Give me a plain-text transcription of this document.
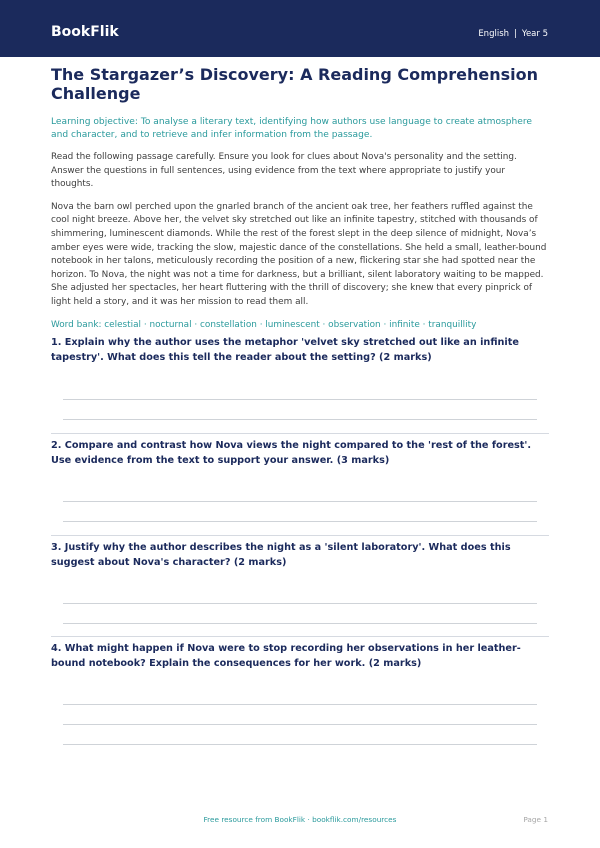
BookFlik	English | Year 5
The Stargazer’s Discovery: A Reading Comprehension Challenge
Learning objective: To analyse a literary text, identifying how authors use language to create atmosphere and character, and to retrieve and infer information from the passage.
Read the following passage carefully. Ensure you look for clues about Nova's personality and the setting. Answer the questions in full sentences, using evidence from the text where appropriate to justify your thoughts.
Nova the barn owl perched upon the gnarled branch of the ancient oak tree, her feathers ruffled against the cool night breeze. Above her, the velvet sky stretched out like an infinite tapestry, stitched with thousands of shimmering, luminescent diamonds. While the rest of the forest slept in the deep silence of midnight, Nova’s amber eyes were wide, tracking the slow, majestic dance of the constellations. She held a small, leather-bound notebook in her talons, meticulously recording the position of a new, flickering star she had spotted near the horizon. To Nova, the night was not a time for darkness, but a brilliant, silent laboratory waiting to be mapped. She adjusted her spectacles, her heart fluttering with the thrill of discovery; she knew that every pinprick of light held a story, and it was her mission to read them all.
Word bank: celestial · nocturnal · constellation · luminescent · observation · infinite · tranquillity
1. Explain why the author uses the metaphor 'velvet sky stretched out like an infinite tapestry'. What does this tell the reader about the setting? (2 marks)
2. Compare and contrast how Nova views the night compared to the 'rest of the forest'. Use evidence from the text to support your answer. (3 marks)
3. Justify why the author describes the night as a 'silent laboratory'. What does this suggest about Nova's character? (2 marks)
4. What might happen if Nova were to stop recording her observations in her leather-bound notebook? Explain the consequences for her work. (2 marks)
Free resource from BookFlik · bookflik.com/resources	Page 1
